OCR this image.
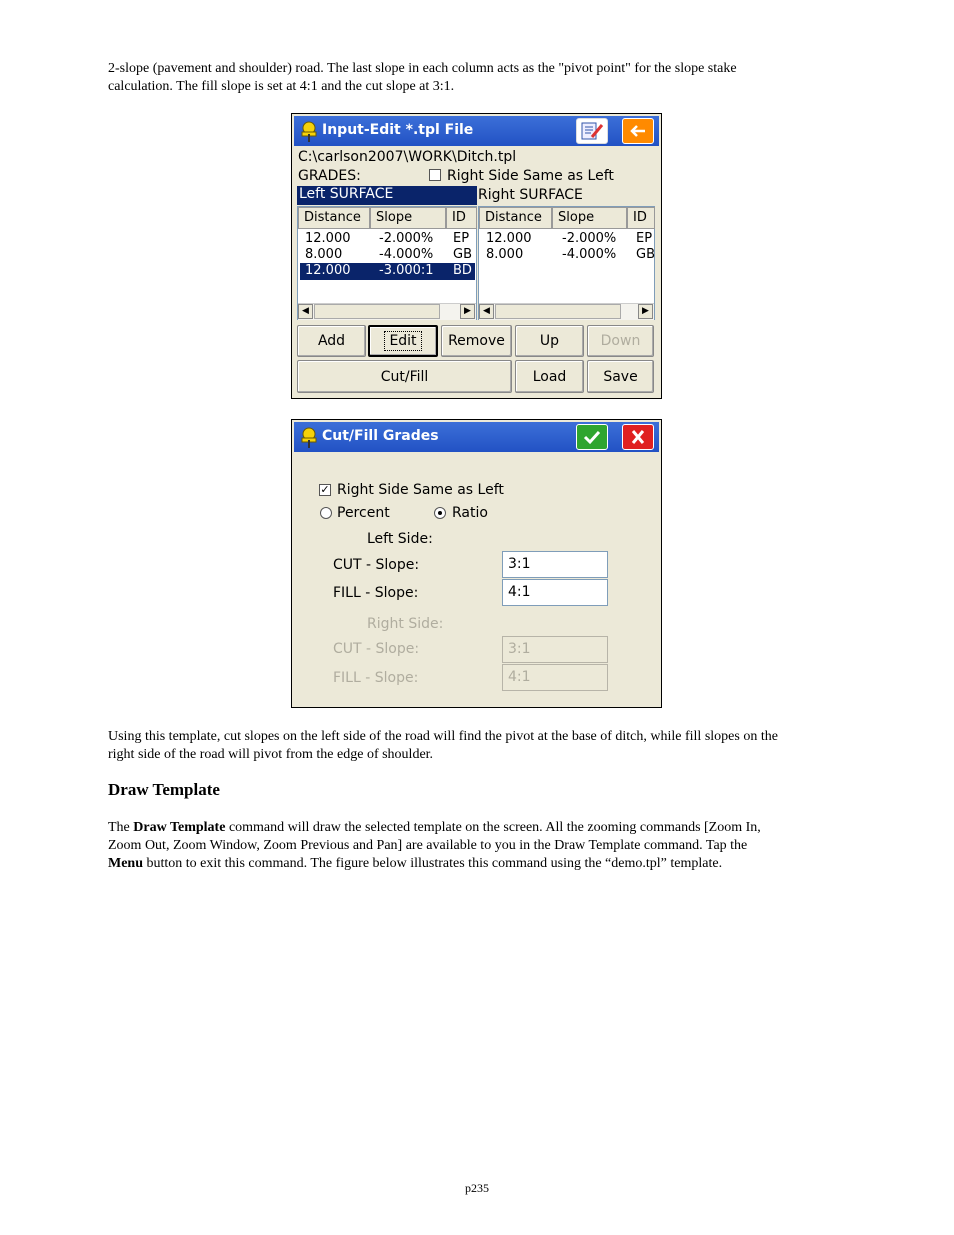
2-slope (pavement and shoulder) road. The last slope in each column acts as the "pivot point" for the slope stake
calculation. The fill slope is set at 4:1 and the cut slope at 3:1.
Input-Edit *.tpl File
C:\carlson2007\WORK\Ditch.tpl
GRADES:	Right Side Same as Left
Left SURFACE	Right SURFACE
Distance	Slope	ID
12.000 -2.000% EP
8.000	-4.000% GB
12.000 -3.000:1 BD
◀	▶
Distance	Slope	ID
12.000 -2.000% EP
8.000	-4.000% GB
◀	▶
Add	Edit Remove	Up	Down
Cut/Fill	Load	Save
Cut/Fill Grades
✓ Right Side Same as Left
Percent	Ratio
Left Side:
CUT - Slope:	3:1
FILL - Slope:	4:1
Right Side:
CUT - Slope:	3:1
FILL - Slope:	4:1
Using this template, cut slopes on the left side of the road will find the pivot at the base of ditch, while fill slopes on the
right side of the road will pivot from the edge of shoulder.
Draw Template
The Draw Template command will draw the selected template on the screen. All the zooming commands [Zoom In,
Zoom Out, Zoom Window, Zoom Previous and Pan] are available to you in the Draw Template command. Tap the
Menu button to exit this command. The figure below illustrates this command using the “demo.tpl” template.
p235
